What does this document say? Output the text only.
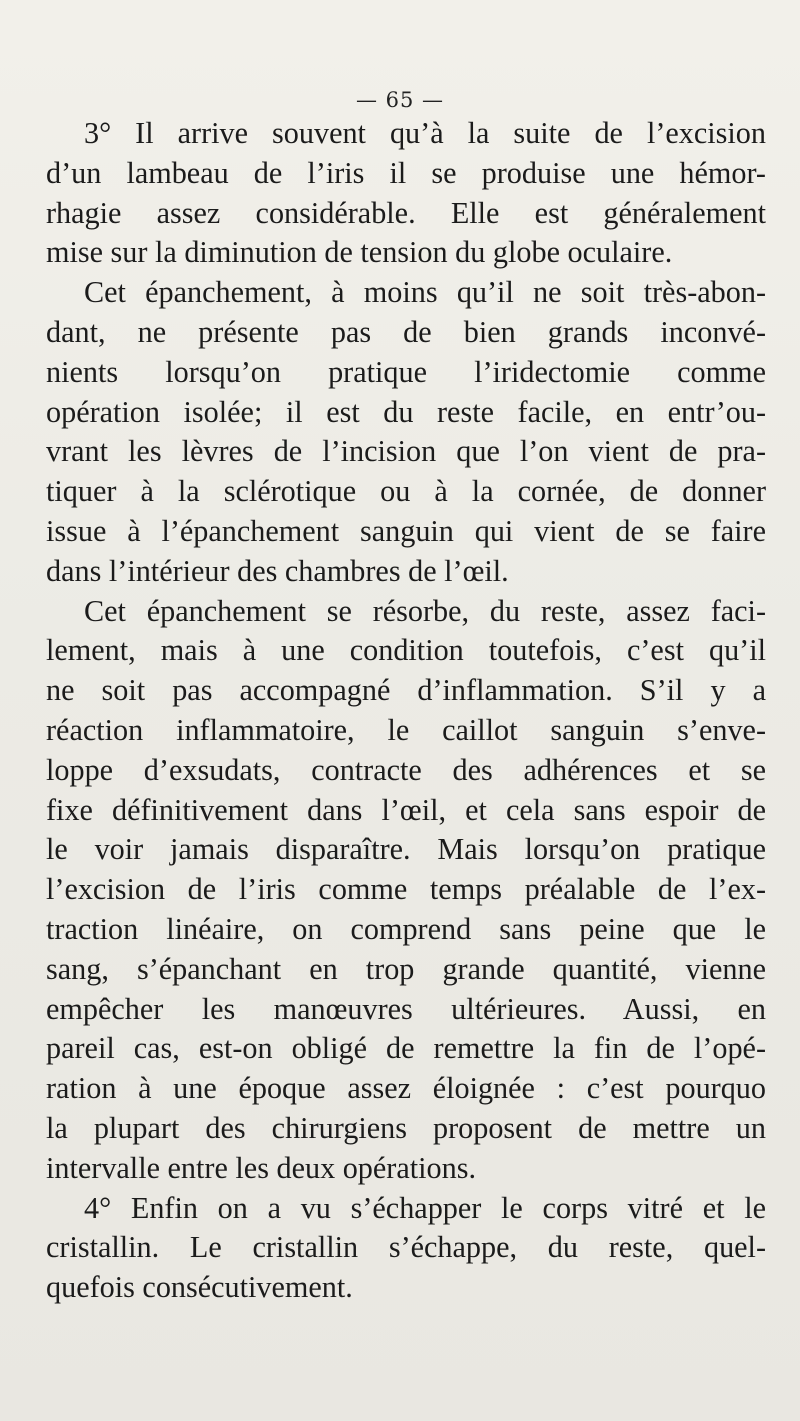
— 65 —
3° Il arrive souvent qu’à la suite de l’excision
d’un lambeau de l’iris il se produise une hémor-
rhagie assez considérable. Elle est généralement
mise sur la diminution de tension du globe oculaire.
Cet épanchement, à moins qu’il ne soit très-abon-
dant, ne présente pas de bien grands inconvé-
nients lorsqu’on pratique l’iridectomie comme
opération isolée; il est du reste facile, en entr’ou-
vrant les lèvres de l’incision que l’on vient de pra-
tiquer à la sclérotique ou à la cornée, de donner
issue à l’épanchement sanguin qui vient de se faire
dans l’intérieur des chambres de l’œil.
Cet épanchement se résorbe, du reste, assez faci-
lement, mais à une condition toutefois, c’est qu’il
ne soit pas accompagné d’inflammation. S’il y a
réaction inflammatoire, le caillot sanguin s’enve-
loppe d’exsudats, contracte des adhérences et se
fixe définitivement dans l’œil, et cela sans espoir de
le voir jamais disparaître. Mais lorsqu’on pratique
l’excision de l’iris comme temps préalable de l’ex-
traction linéaire, on comprend sans peine que le
sang, s’épanchant en trop grande quantité, vienne
empêcher les manœuvres ultérieures. Aussi, en
pareil cas, est-on obligé de remettre la fin de l’opé-
ration à une époque assez éloignée : c’est pourquo
la plupart des chirurgiens proposent de mettre un
intervalle entre les deux opérations.
4° Enfin on a vu s’échapper le corps vitré et le
cristallin. Le cristallin s’échappe, du reste, quel-
quefois consécutivement.
